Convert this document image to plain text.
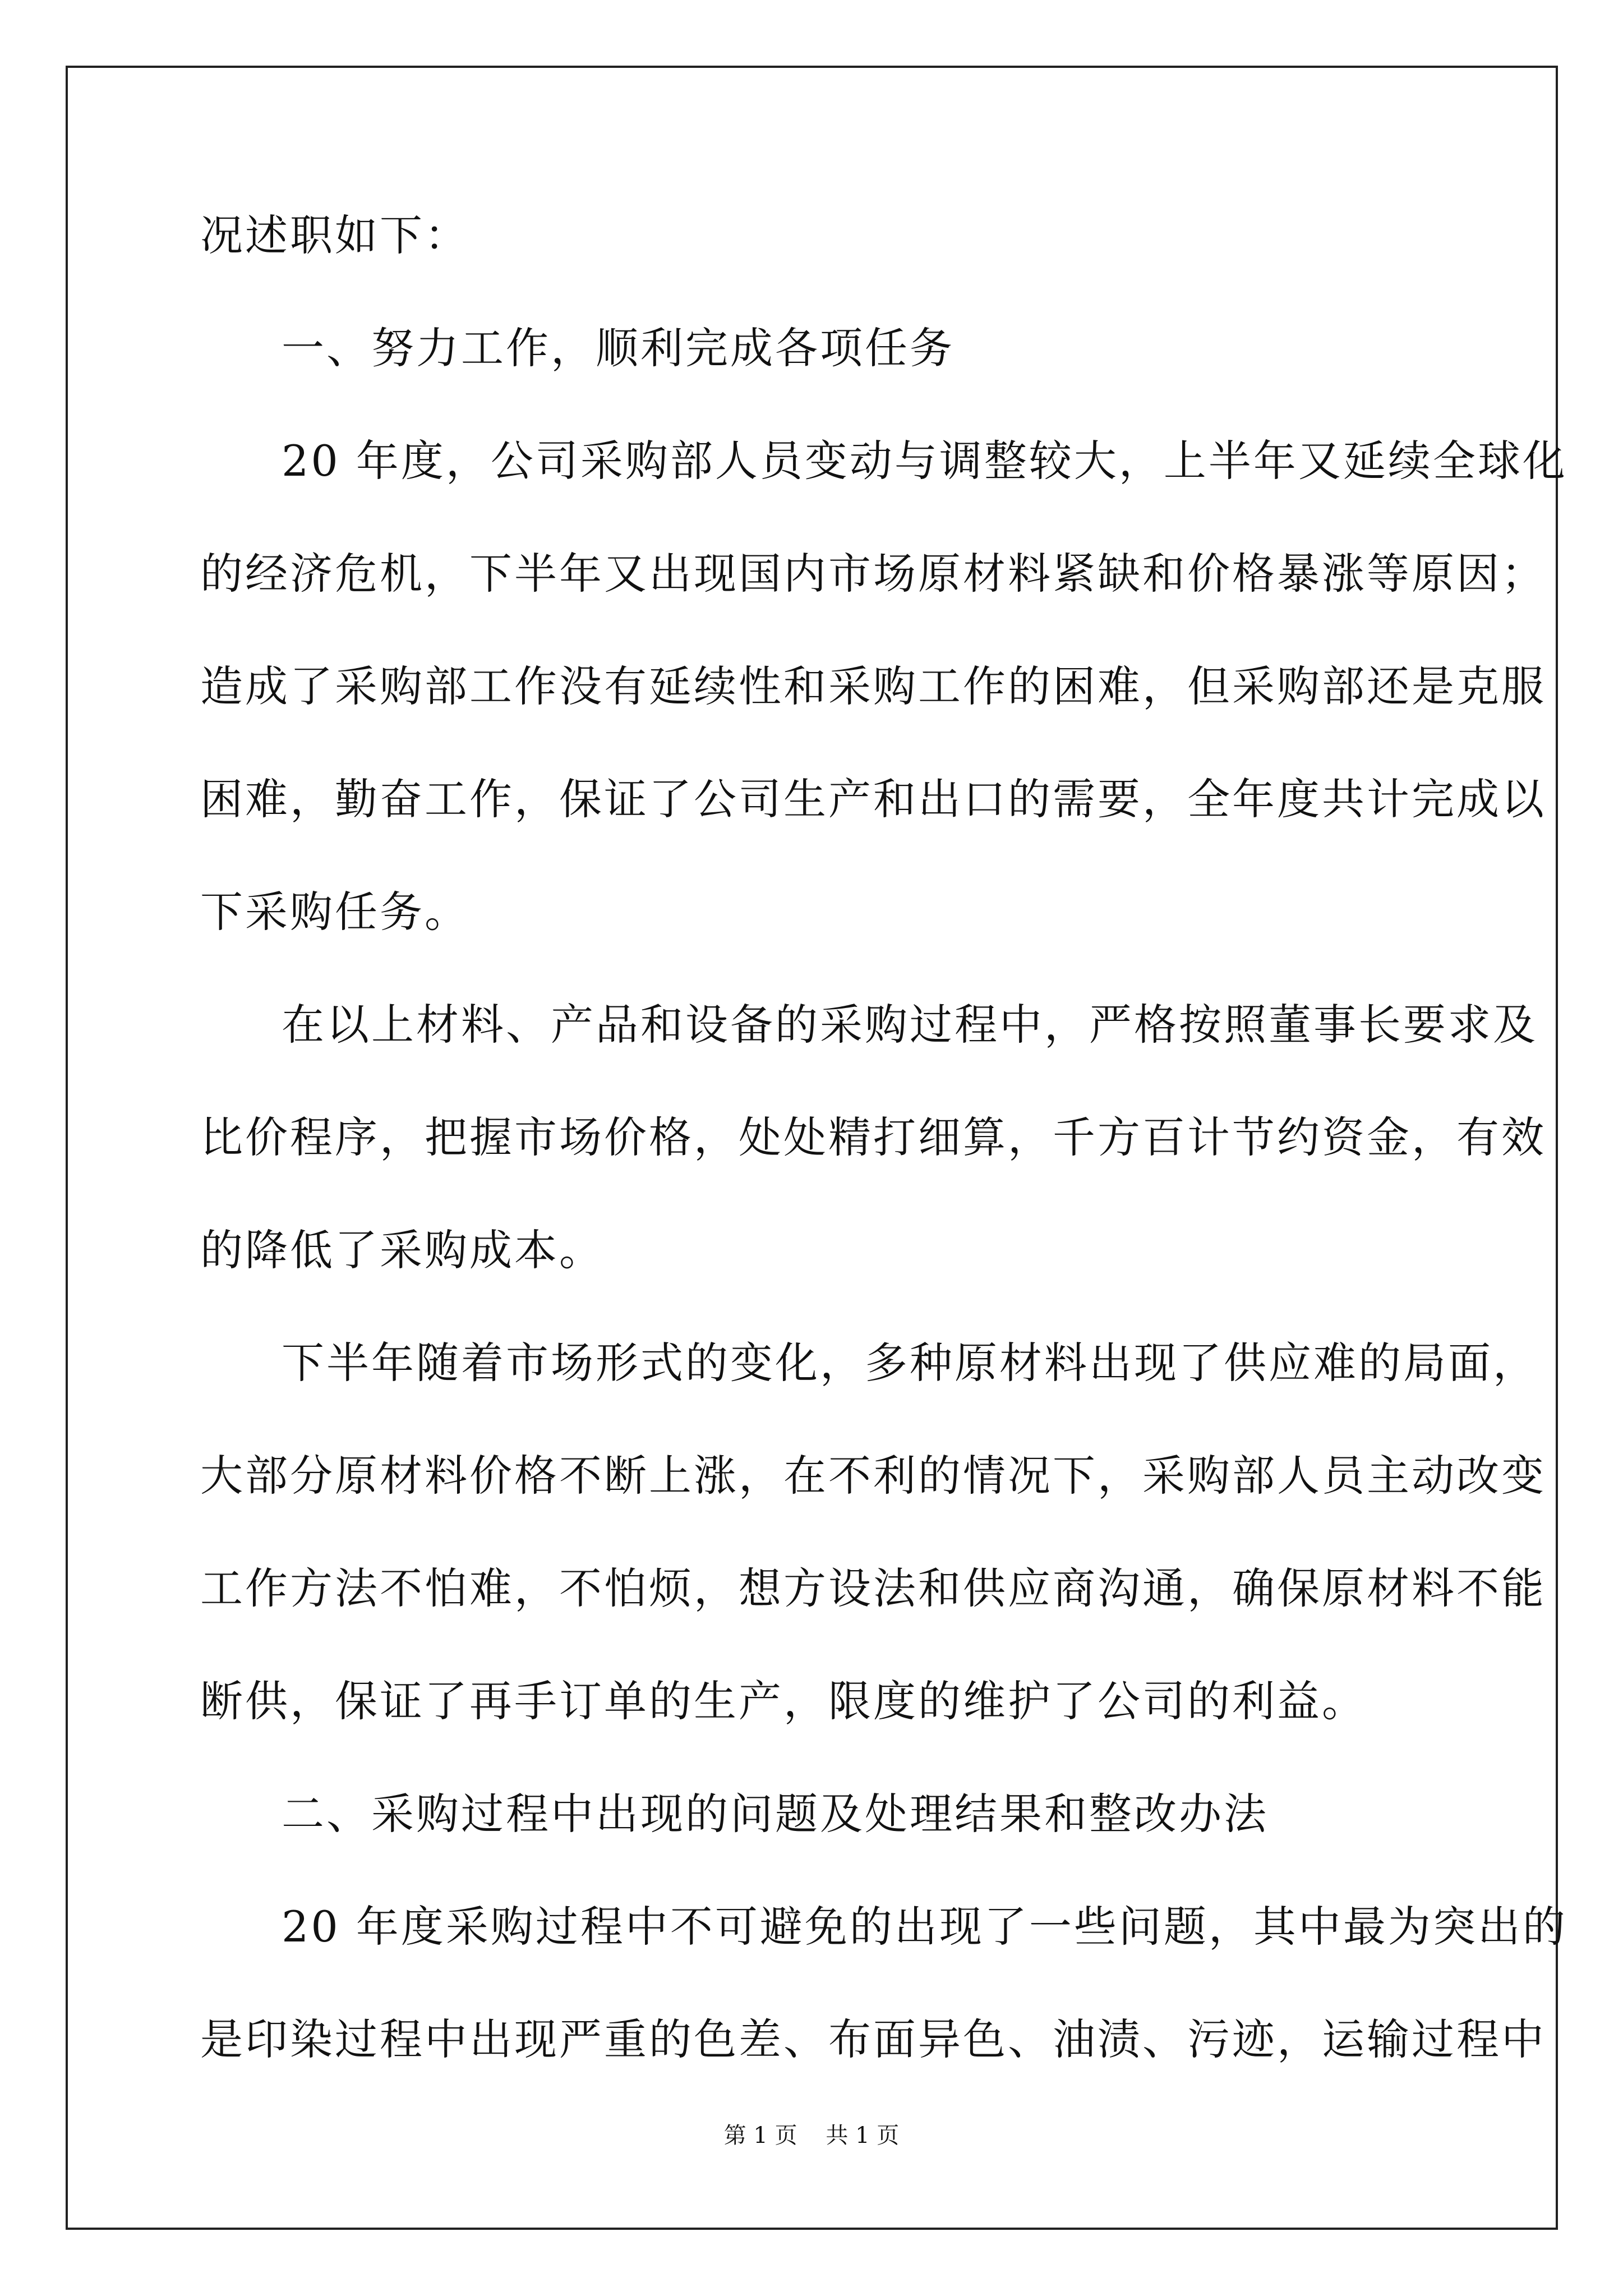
况述职如下：
一、努力工作，顺利完成各项任务
20 年度，公司采购部人员变动与调整较大，上半年又延续全球化
的经济危机，下半年又出现国内市场原材料紧缺和价格暴涨等原因；
造成了采购部工作没有延续性和采购工作的困难，但采购部还是克服
困难，勤奋工作，保证了公司生产和出口的需要，全年度共计完成以
下采购任务。
在以上材料、产品和设备的采购过程中，严格按照董事长要求及
比价程序，把握市场价格，处处精打细算，千方百计节约资金，有效
的降低了采购成本。
下半年随着市场形式的变化，多种原材料出现了供应难的局面，
大部分原材料价格不断上涨，在不利的情况下，采购部人员主动改变
工作方法不怕难，不怕烦，想方设法和供应商沟通，确保原材料不能
断供，保证了再手订单的生产，限度的维护了公司的利益。
二、采购过程中出现的问题及处理结果和整改办法
20 年度采购过程中不可避免的出现了一些问题，其中最为突出的
是印染过程中出现严重的色差、布面异色、油渍、污迹，运输过程中
第 1 页    共 1 页
